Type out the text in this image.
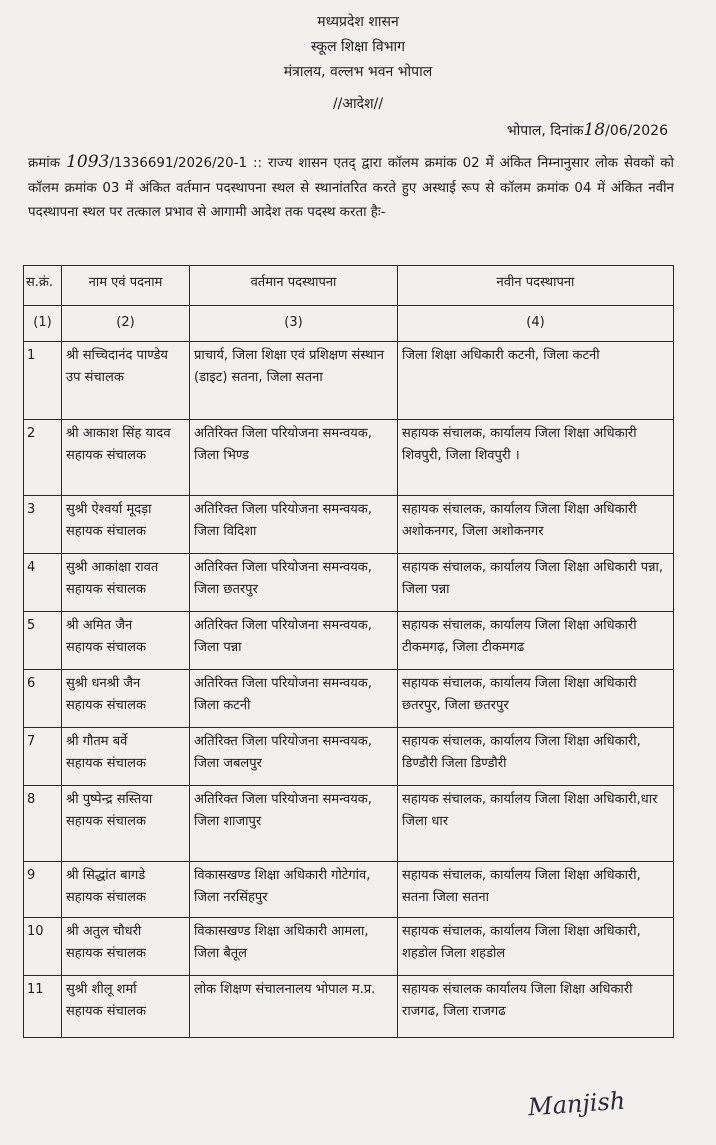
मध्यप्रदेश शासन
स्कूल शिक्षा विभाग
मंत्रालय, वल्लभ भवन भोपाल
//आदेश//
भोपाल, दिनांक18/06/2026
क्रमांक 1093/1336691/2026/20-1 :: राज्य शासन एतद् द्वारा कॉलम क्रमांक 02 में अंकित निम्नानुसार लोक सेवकों को कॉलम क्रमांक 03 में अंकित वर्तमान पदस्थापना स्थल से स्थानांतरित करते हुए अस्थाई रूप से कॉलम क्रमांक 04 में अंकित नवीन पदस्थापना स्थल पर तत्काल प्रभाव से आगामी आदेश तक पदस्थ करता हैः-
स.क्रं.	नाम एवं पदनाम	वर्तमान पदस्थापना	नवीन पदस्थापना
(1)	(2)	(3)	(4)

1	श्री सच्चिदानंद पाण्डेय
उप संचालक	प्राचार्य, जिला शिक्षा एवं प्रशिक्षण संस्थान (डाइट) सतना, जिला सतना	जिला शिक्षा अधिकारी कटनी, जिला कटनी

2	श्री आकाश सिंह यादव
सहायक संचालक	अतिरिक्त जिला परियोजना समन्वयक, जिला भिण्ड	सहायक संचालक, कार्यालय जिला शिक्षा अधिकारी शिवपुरी, जिला शिवपुरी ।

3	सुश्री ऐश्वर्या मूदड़ा
सहायक संचालक	अतिरिक्त जिला परियोजना समन्वयक, जिला विदिशा	सहायक संचालक, कार्यालय जिला शिक्षा अधिकारी अशोकनगर, जिला अशोकनगर

4	सुश्री आकांक्षा रावत
सहायक संचालक	अतिरिक्त जिला परियोजना समन्वयक, जिला छतरपुर	सहायक संचालक, कार्यालय जिला शिक्षा अधिकारी पन्ना, जिला पन्ना

5	श्री अमित जैन
सहायक संचालक	अतिरिक्त जिला परियोजना समन्वयक, जिला पन्ना	सहायक संचालक, कार्यालय जिला शिक्षा अधिकारी टीकमगढ़, जिला टीकमगढ

6	सुश्री धनश्री जैन
सहायक संचालक	अतिरिक्त जिला परियोजना समन्वयक, जिला कटनी	सहायक संचालक, कार्यालय जिला शिक्षा अधिकारी छतरपुर, जिला छतरपुर

7	श्री गौतम बर्वे
सहायक संचालक	अतिरिक्त जिला परियोजना समन्वयक, जिला जबलपुर	सहायक संचालक, कार्यालय जिला शिक्षा अधिकारी, डिण्डौरी जिला डिण्डौरी

8	श्री पुष्पेन्द्र सस्तिया
सहायक संचालक	अतिरिक्त जिला परियोजना समन्वयक, जिला शाजापुर	सहायक संचालक, कार्यालय जिला शिक्षा अधिकारी,धार जिला धार

9	श्री सिद्धांत बागडे
सहायक संचालक	विकासखण्ड शिक्षा अधिकारी गोटेगांव, जिला नरसिंहपुर	सहायक संचालक, कार्यालय जिला शिक्षा अधिकारी, सतना जिला सतना

10	श्री अतुल चौधरी
सहायक संचालक	विकासखण्ड शिक्षा अधिकारी आमला, जिला बैतूल	सहायक संचालक, कार्यालय जिला शिक्षा अधिकारी, शहडोल जिला शहडोल

11	सुश्री शीलू शर्मा
सहायक संचालक	लोक शिक्षण संचालनालय भोपाल म.प्र.	सहायक संचालक कार्यालय जिला शिक्षा अधिकारी राजगढ, जिला राजगढ
Manjish
